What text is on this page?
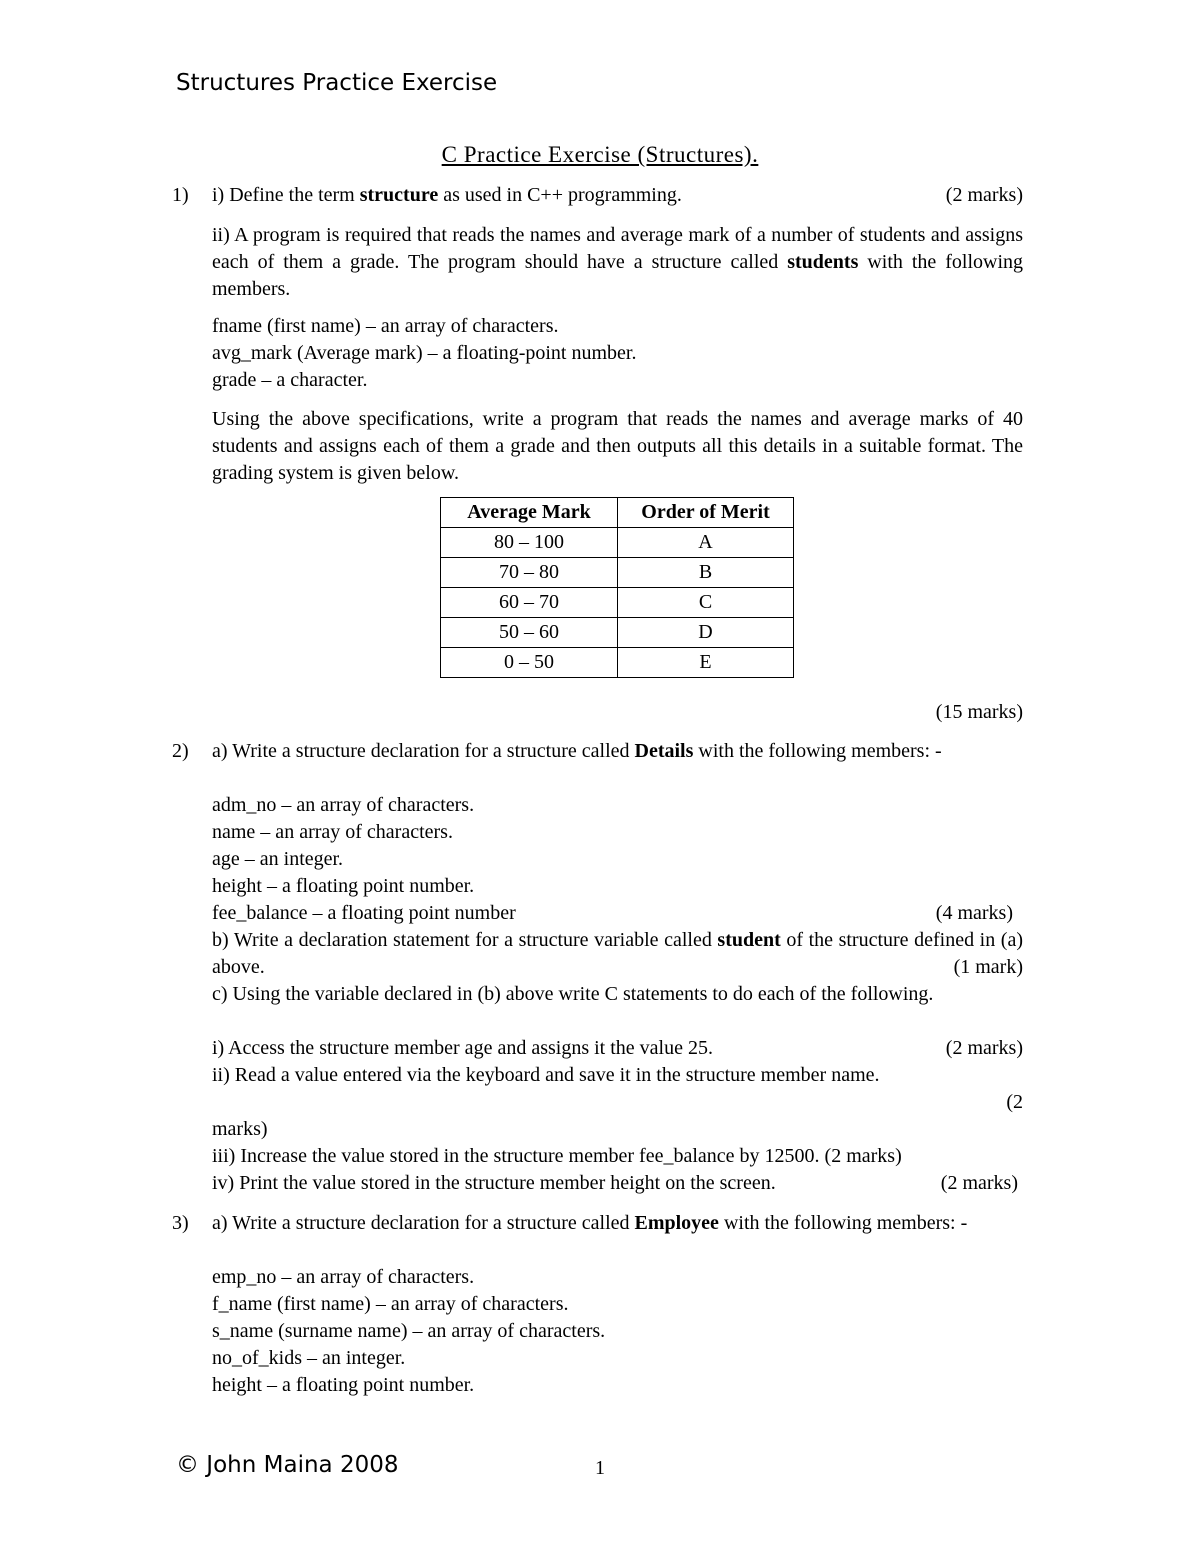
Structures Practice Exercise
C Practice Exercise (Structures).
1) i) Define the term structure as used in C++ programming.	(2 marks)
ii) A program is required that reads the names and average mark of a number of students and assigns each of them a grade. The program should have a structure called students with the following members.
fname (first name) – an array of characters.
avg_mark (Average mark) – a floating-point number.
grade – a character.
Using the above specifications, write a program that reads the names and average marks of 40 students and assigns each of them a grade and then outputs all this details in a suitable format. The grading system is given below.
Average Mark	Order of Merit
80 – 100	A
70 – 80	B
60 – 70	C
50 – 60	D
0 – 50	E
(15 marks)
2) a) Write a structure declaration for a structure called Details with the following members: -
adm_no – an array of characters.
name – an array of characters.
age – an integer.
height – a floating point number.
fee_balance – a floating point number	(4 marks)
b) Write a declaration statement for a structure variable called student of the structure defined in (a) above.	(1 mark)
c) Using the variable declared in (b) above write C statements to do each of the following.
i) Access the structure member age and assigns it the value 25.	(2 marks)
ii) Read a value entered via the keyboard and save it in the structure member name.
(2
marks)
iii) Increase the value stored in the structure member fee_balance by 12500. (2 marks)
iv) Print the value stored in the structure member height on the screen.	(2 marks)
3) a) Write a structure declaration for a structure called Employee with the following members: -
emp_no – an array of characters.
f_name (first name) – an array of characters.
s_name (surname name) – an array of characters.
no_of_kids – an integer.
height – a floating point number.
© John Maina 2008	1
